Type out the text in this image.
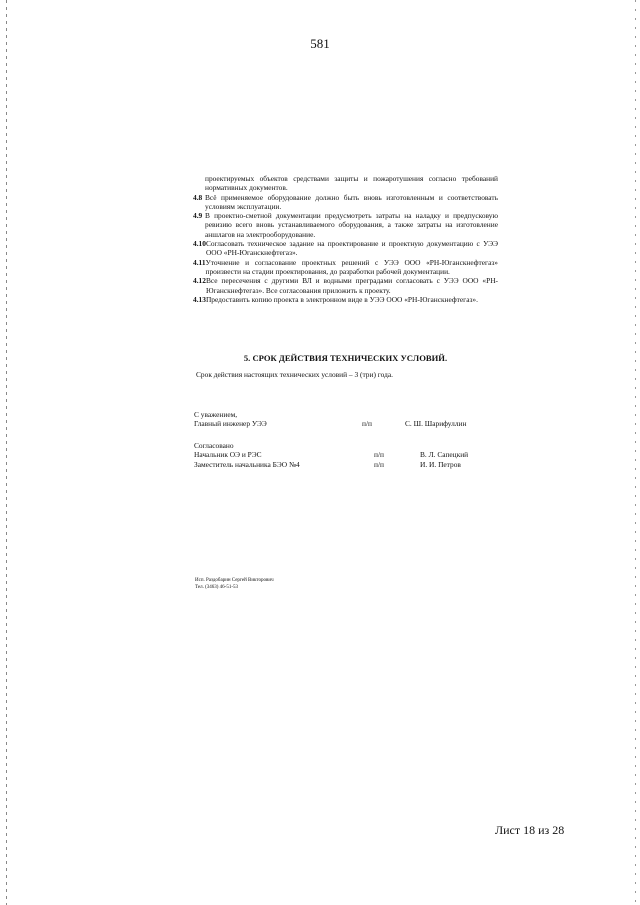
581
проектируемых объектов средствами защиты и пожаротушения согласно требований нормативных документов.
4.8 Всё применяемое оборудование должно быть вновь изготовленным и соответствовать условиям эксплуатации.
4.9 В проектно-сметной документации предусмотреть затраты на наладку и предпусковую ревизию всего вновь устанавливаемого оборудования, а также затраты на изготовление аншлагов на электрооборудование.
4.10 Согласовать техническое задание на проектирование и проектную документацию с УЭЭ ООО «РН-Юганскнефтегаз».
4.11 Уточнение и согласование проектных решений с УЭЭ ООО «РН-Юганскнефтегаз» произвести на стадии проектирования, до разработки рабочей документации.
4.12 Все пересечения с другими ВЛ и водными преградами согласовать с УЭЭ ООО «РН-Юганскнефтегаз». Все согласования приложить к проекту.
4.13 Предоставить копию проекта в электронном виде в УЭЭ ООО «РН-Юганскнефтегаз».
5. СРОК ДЕЙСТВИЯ ТЕХНИЧЕСКИХ УСЛОВИЙ.
Срок действия настоящих технических условий – 3 (три) года.
С уважением,
Главный инженер УЭЭ	п/п	С. Ш. Шарифуллин
Согласовано
Начальник ОЭ и РЭС	п/п	В. Л. Сапецкий
Заместитель начальника БЭО №4	п/п	И. И. Петров
Исп. Раздобарин Сергей Викторович
Тел. (3463) 46-51-53
Лист 18 из 28
